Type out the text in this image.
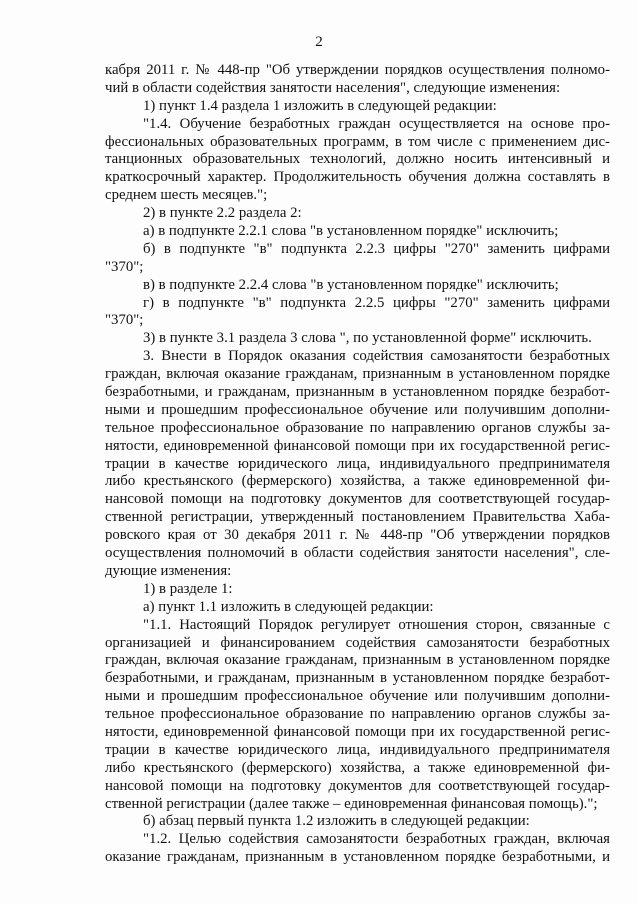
2
кабря 2011 г. № 448-пр "Об утверждении порядков осуществления полномо-
чий в области содействия занятости населения", следующие изменения:
1) пункт 1.4 раздела 1 изложить в следующей редакции:
"1.4. Обучение безработных граждан осуществляется на основе про-
фессиональных образовательных программ, в том числе с применением дис-
танционных образовательных технологий, должно носить интенсивный и
краткосрочный характер. Продолжительность обучения должна составлять в
среднем шесть месяцев.";
2) в пункте 2.2 раздела 2:
а) в подпункте 2.2.1 слова "в установленном порядке" исключить;
б) в подпункте "в" подпункта 2.2.3 цифры "270" заменить цифрами
"370";
в) в подпункте 2.2.4 слова "в установленном порядке" исключить;
г) в подпункте "в" подпункта 2.2.5 цифры "270" заменить цифрами
"370";
3) в пункте 3.1 раздела 3 слова ", по установленной форме" исключить.
3. Внести в Порядок оказания содействия самозанятости безработных
граждан, включая оказание гражданам, признанным в установленном порядке
безработными, и гражданам, признанным в установленном порядке безработ-
ными и прошедшим профессиональное обучение или получившим дополни-
тельное профессиональное образование по направлению органов службы за-
нятости, единовременной финансовой помощи при их государственной регис-
трации в качестве юридического лица, индивидуального предпринимателя
либо крестьянского (фермерского) хозяйства, а также единовременной фи-
нансовой помощи на подготовку документов для соответствующей государ-
ственной регистрации, утвержденный постановлением Правительства Хаба-
ровского края от 30 декабря 2011 г. № 448-пр "Об утверждении порядков
осуществления полномочий в области содействия занятости населения", сле-
дующие изменения:
1) в разделе 1:
а) пункт 1.1 изложить в следующей редакции:
"1.1. Настоящий Порядок регулирует отношения сторон, связанные с
организацией и финансированием содействия самозанятости безработных
граждан, включая оказание гражданам, признанным в установленном порядке
безработными, и гражданам, признанным в установленном порядке безработ-
ными и прошедшим профессиональное обучение или получившим дополни-
тельное профессиональное образование по направлению органов службы за-
нятости, единовременной финансовой помощи при их государственной регис-
трации в качестве юридического лица, индивидуального предпринимателя
либо крестьянского (фермерского) хозяйства, а также единовременной фи-
нансовой помощи на подготовку документов для соответствующей государ-
ственной регистрации (далее также – единовременная финансовая помощь).";
б) абзац первый пункта 1.2 изложить в следующей редакции:
"1.2. Целью содействия самозанятости безработных граждан, включая
оказание гражданам, признанным в установленном порядке безработными, и
